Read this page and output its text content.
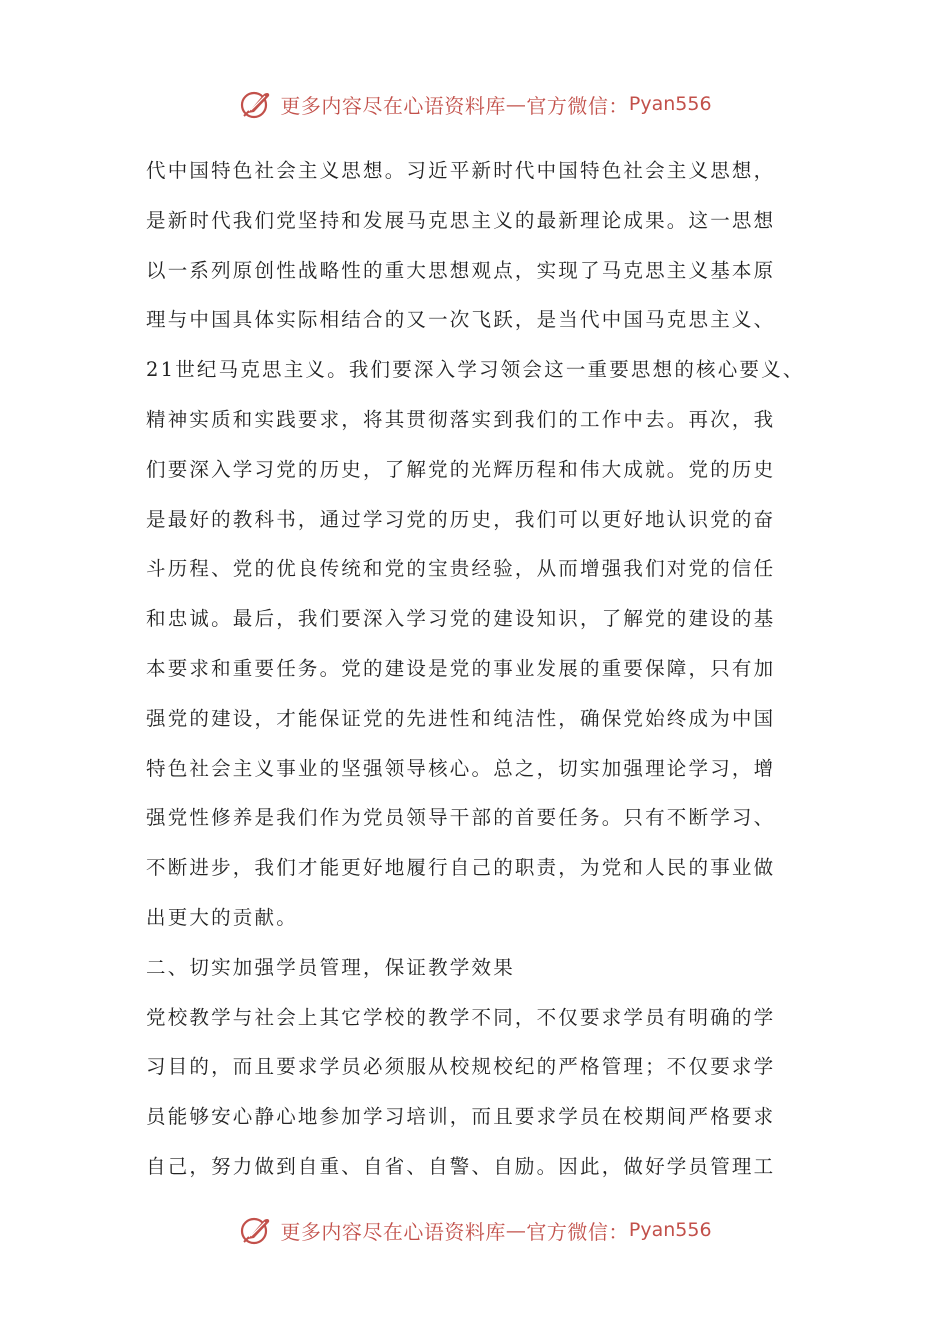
更多内容尽在心语资料库 — 官方微信： Pyan556
代中国特色社会主义思想。习近平新时代中国特色社会主义思想，
是新时代我们党坚持和发展马克思主义的最新理论成果。这一思想
以一系列原创性战略性的重大思想观点，实现了马克思主义基本原
理与中国具体实际相结合的又一次飞跃，是当代中国马克思主义、
21世纪马克思主义。我们要深入学习领会这一重要思想的核心要义、
精神实质和实践要求，将其贯彻落实到我们的工作中去。再次，我
们要深入学习党的历史，了解党的光辉历程和伟大成就。党的历史
是最好的教科书，通过学习党的历史，我们可以更好地认识党的奋
斗历程、党的优良传统和党的宝贵经验，从而增强我们对党的信任
和忠诚。最后，我们要深入学习党的建设知识，了解党的建设的基
本要求和重要任务。党的建设是党的事业发展的重要保障，只有加
强党的建设，才能保证党的先进性和纯洁性，确保党始终成为中国
特色社会主义事业的坚强领导核心。总之，切实加强理论学习，增
强党性修养是我们作为党员领导干部的首要任务。只有不断学习、
不断进步，我们才能更好地履行自己的职责，为党和人民的事业做
出更大的贡献。
二、切实加强学员管理，保证教学效果
党校教学与社会上其它学校的教学不同，不仅要求学员有明确的学
习目的，而且要求学员必须服从校规校纪的严格管理；不仅要求学
员能够安心静心地参加学习培训，而且要求学员在校期间严格要求
自己，努力做到自重、自省、自警、自励。因此，做好学员管理工
更多内容尽在心语资料库 — 官方微信： Pyan556
